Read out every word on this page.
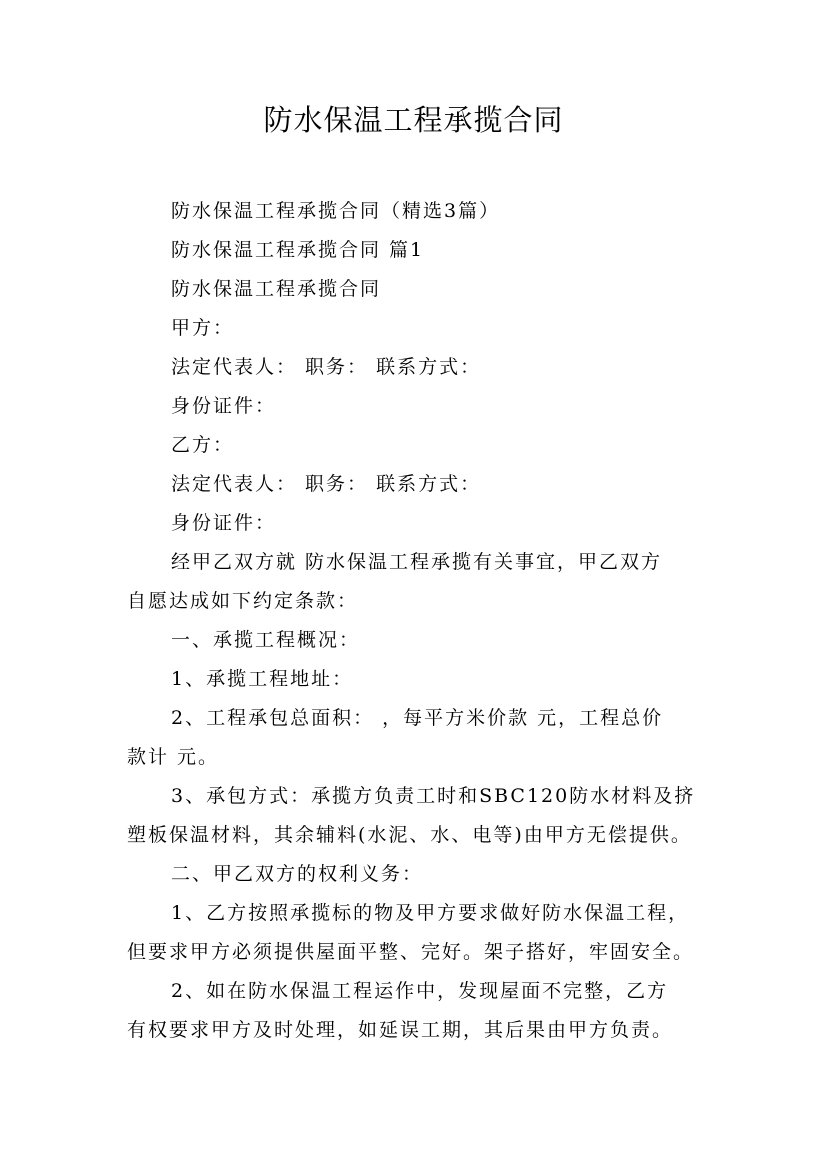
防水保温工程承揽合同
防水保温工程承揽合同（精选3篇）
防水保温工程承揽合同 篇1
防水保温工程承揽合同
甲方：
法定代表人： 职务： 联系方式：
身份证件：
乙方：
法定代表人： 职务： 联系方式：
身份证件：
经甲乙双方就 防水保温工程承揽有关事宜，甲乙双方
自愿达成如下约定条款：
一、承揽工程概况：
1、承揽工程地址：
2、工程承包总面积： ，每平方米价款 元，工程总价
款计 元。
3、承包方式：承揽方负责工时和SBC120防水材料及挤
塑板保温材料，其余辅料(水泥、水、电等)由甲方无偿提供。
二、甲乙双方的权利义务：
1、乙方按照承揽标的物及甲方要求做好防水保温工程，
但要求甲方必须提供屋面平整、完好。架子搭好，牢固安全。
2、如在防水保温工程运作中，发现屋面不完整，乙方
有权要求甲方及时处理，如延误工期，其后果由甲方负责。
